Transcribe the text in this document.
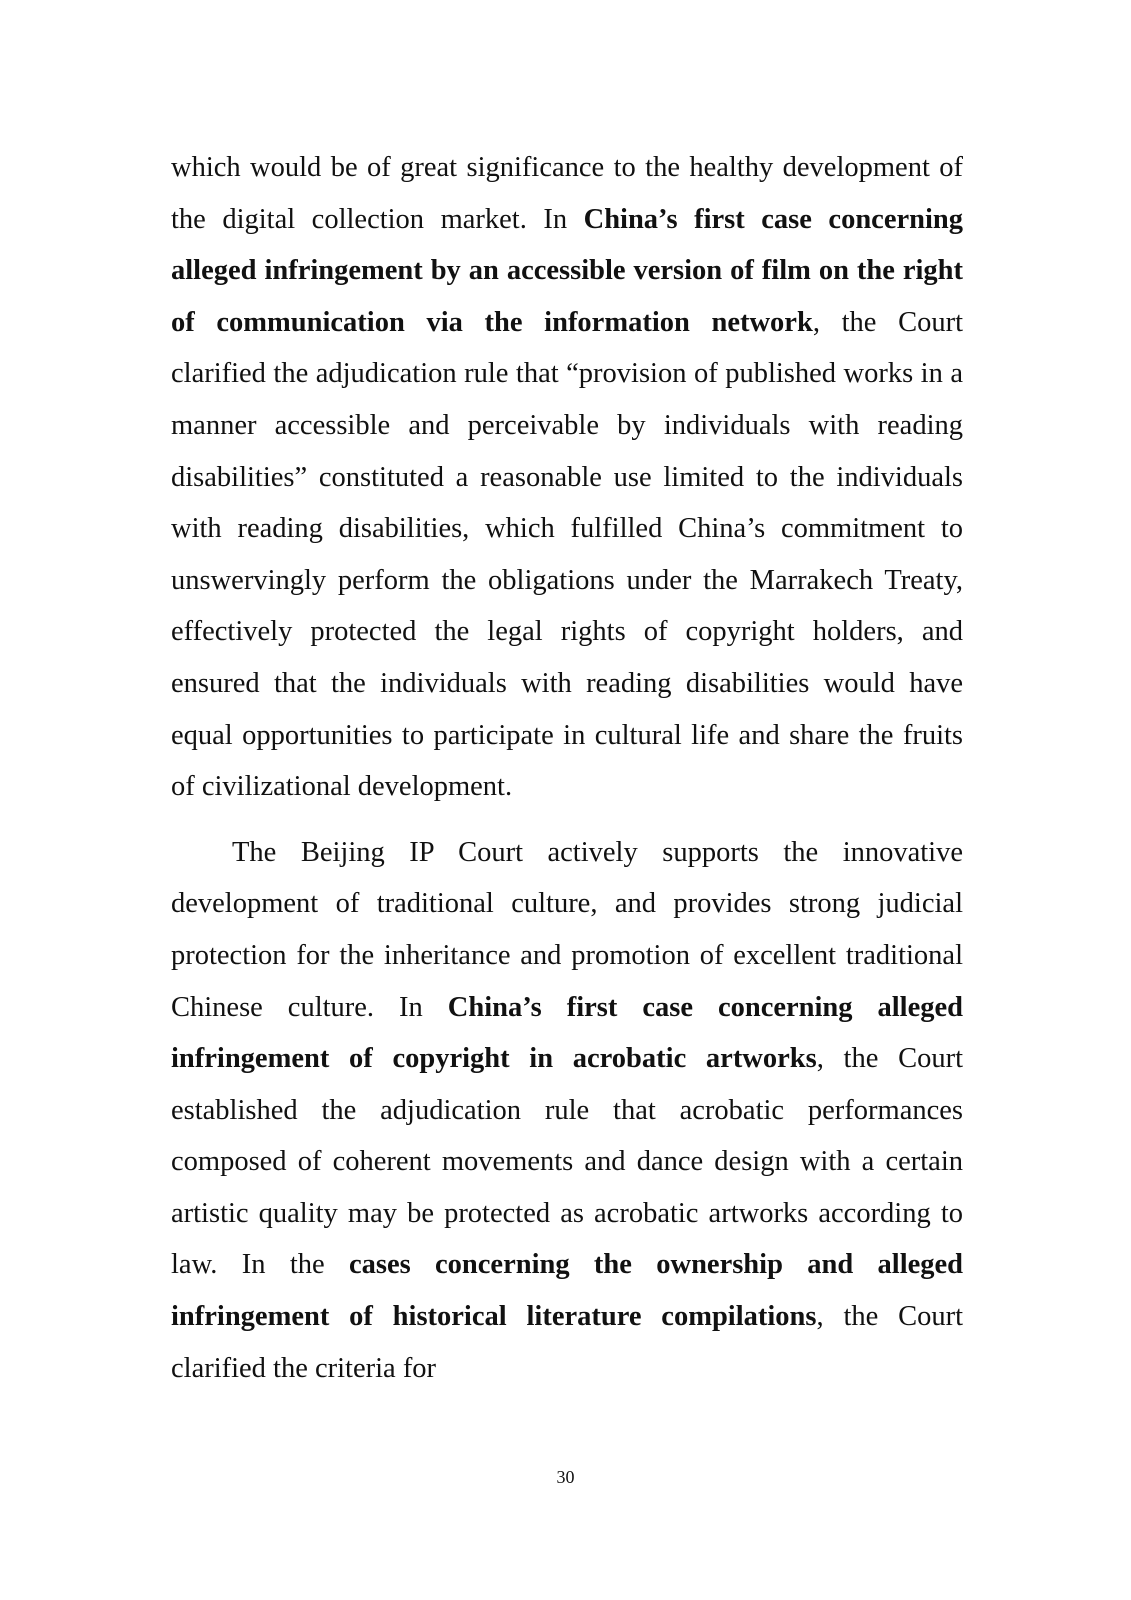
which would be of great significance to the healthy development of the digital collection market. In China’s first case concerning alleged infringement by an accessible version of film on the right of communication via the information network, the Court clarified the adjudication rule that “provision of published works in a manner accessible and perceivable by individuals with reading disabilities” constituted a reasonable use limited to the individuals with reading disabilities, which fulfilled China’s commitment to unswervingly perform the obligations under the Marrakech Treaty, effectively protected the legal rights of copyright holders, and ensured that the individuals with reading disabilities would have equal opportunities to participate in cultural life and share the fruits of civilizational development.

The Beijing IP Court actively supports the innovative development of traditional culture, and provides strong judicial protection for the inheritance and promotion of excellent traditional Chinese culture. In China’s first case concerning alleged infringement of copyright in acrobatic artworks, the Court established the adjudication rule that acrobatic performances composed of coherent movements and dance design with a certain artistic quality may be protected as acrobatic artworks according to law. In the cases concerning the ownership and alleged infringement of historical literature compilations, the Court clarified the criteria for

30
